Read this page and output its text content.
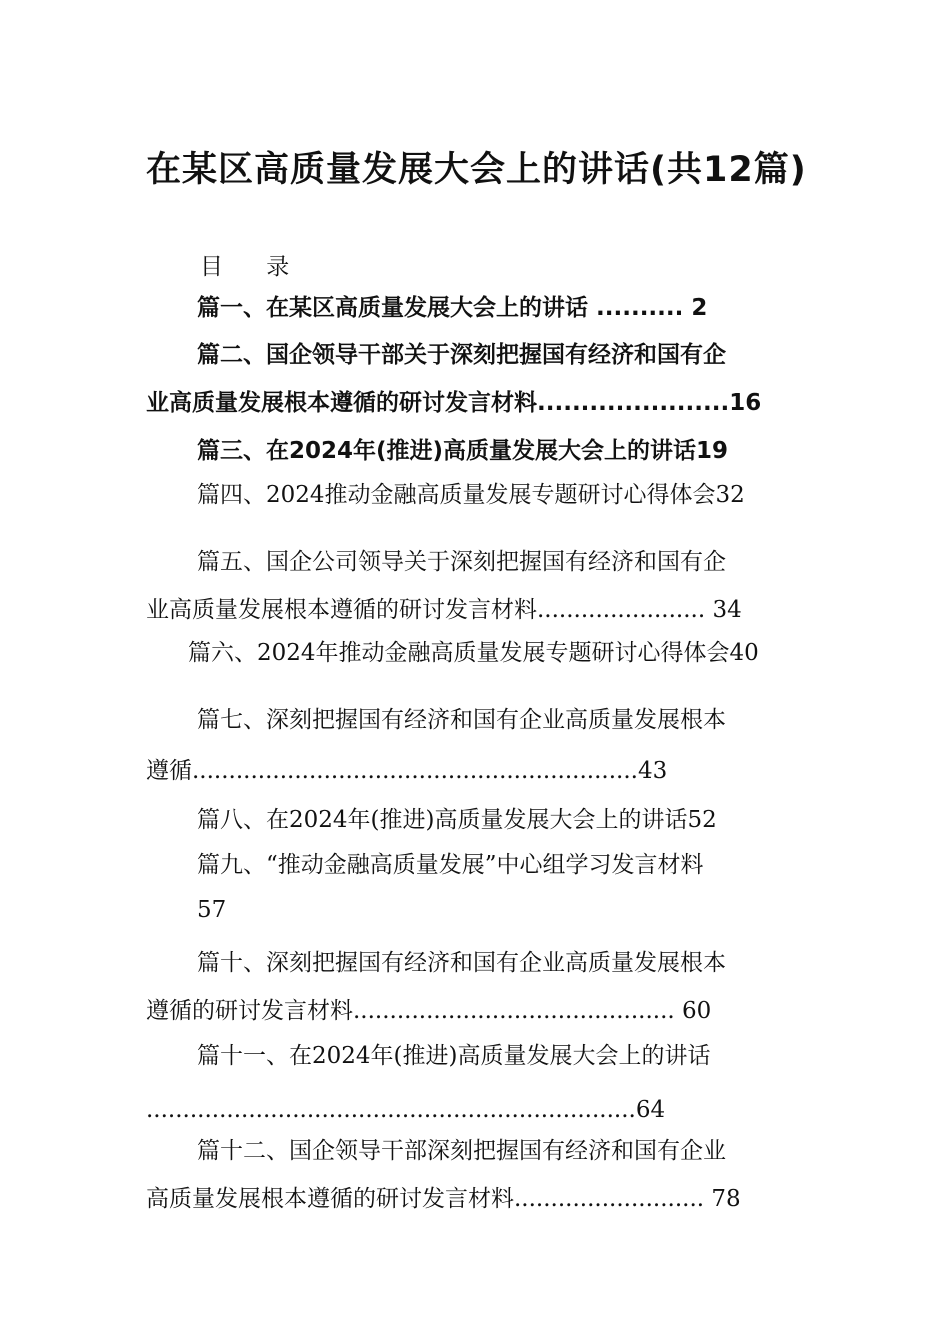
在某区高质量发展大会上的讲话(共12篇)
目 录
篇一、在某区高质量发展大会上的讲话 .......... 2
篇二、国企领导干部关于深刻把握国有经济和国有企
业高质量发展根本遵循的研讨发言材料......................16
篇三、在2024年(推进)高质量发展大会上的讲话19
篇四、2024推动金融高质量发展专题研讨心得体会32
篇五、国企公司领导关于深刻把握国有经济和国有企
业高质量发展根本遵循的研讨发言材料....................... 34
篇六、2024年推动金融高质量发展专题研讨心得体会40
篇七、深刻把握国有经济和国有企业高质量发展根本
遵循.............................................................43
篇八、在2024年(推进)高质量发展大会上的讲话52
篇九、“推动金融高质量发展”中心组学习发言材料
57
篇十、深刻把握国有经济和国有企业高质量发展根本
遵循的研讨发言材料............................................ 60
篇十一、在2024年(推进)高质量发展大会上的讲话
...................................................................64
篇十二、国企领导干部深刻把握国有经济和国有企业
高质量发展根本遵循的研讨发言材料.......................... 78
